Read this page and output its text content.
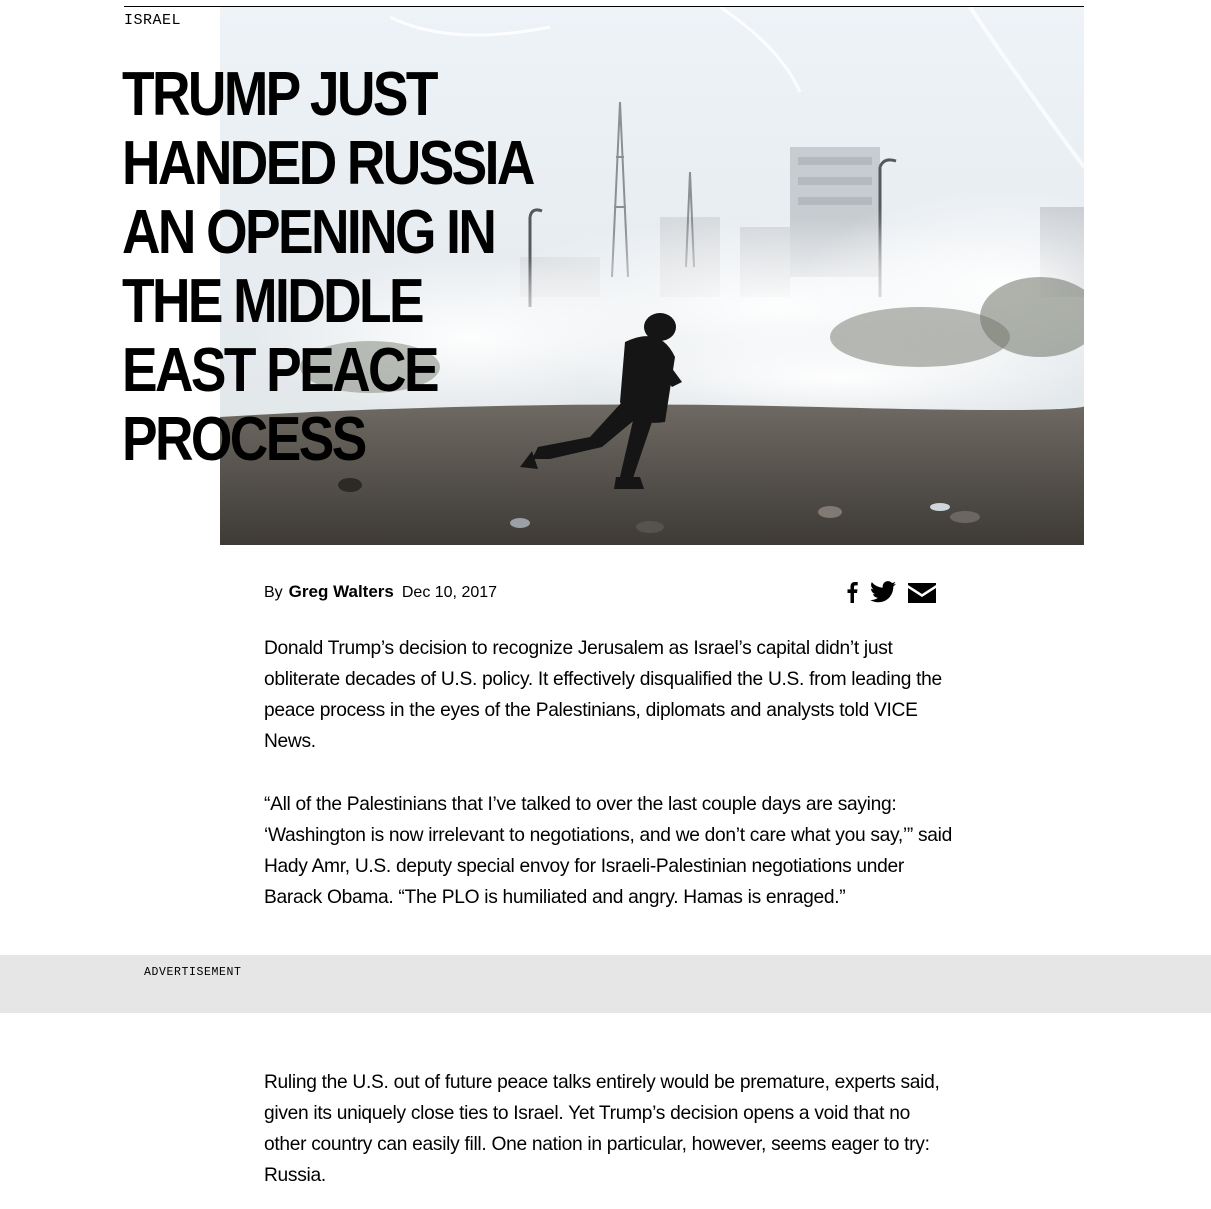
ISRAEL
TRUMP JUST HANDED RUSSIA AN OPENING IN THE MIDDLE EAST PEACE PROCESS
By Greg Walters Dec 10, 2017

Donald Trump’s decision to recognize Jerusalem as Israel’s capital didn’t just obliterate decades of U.S. policy. It effectively disqualified the U.S. from leading the peace process in the eyes of the Palestinians, diplomats and analysts told VICE News.

“All of the Palestinians that I’ve talked to over the last couple days are saying: ‘Washington is now irrelevant to negotiations, and we don’t care what you say,’” said Hady Amr, U.S. deputy special envoy for Israeli-Palestinian negotiations under Barack Obama. “The PLO is humiliated and angry. Hamas is enraged.”

ADVERTISEMENT

Ruling the U.S. out of future peace talks entirely would be premature, experts said, given its uniquely close ties to Israel. Yet Trump’s decision opens a void that no other country can easily fill. One nation in particular, however, seems eager to try: Russia.
